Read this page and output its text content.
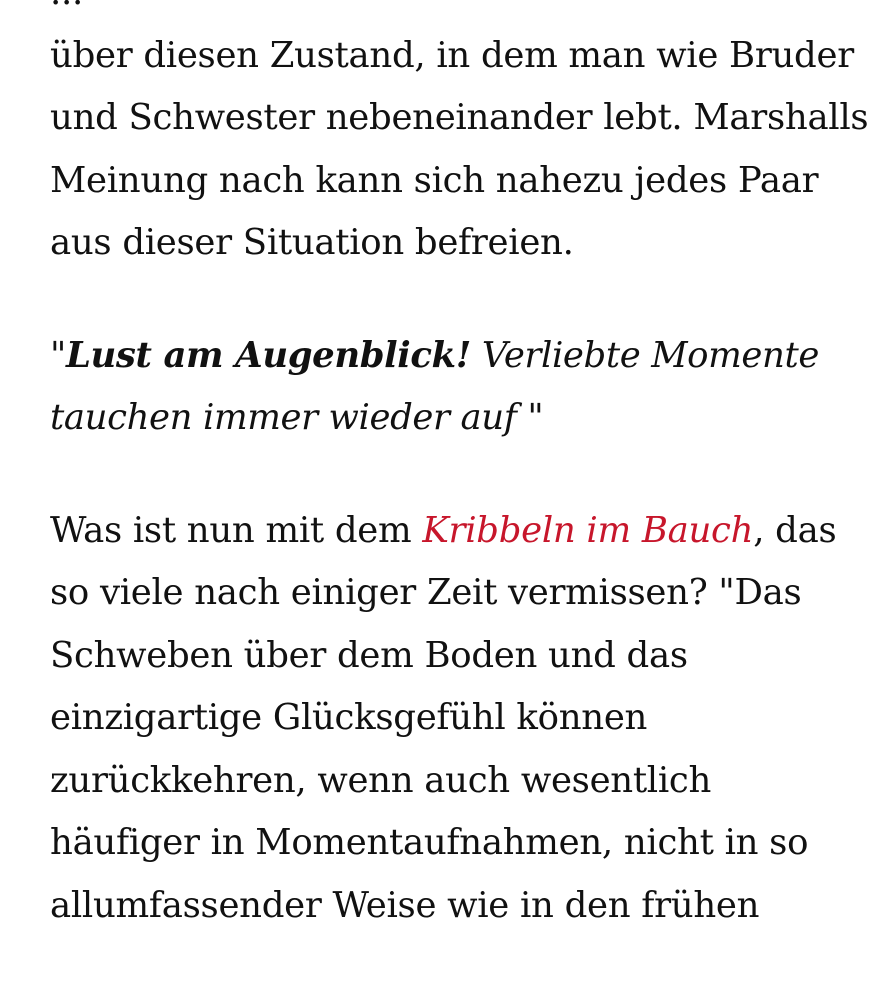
über diesen Zustand, in dem man wie Bruder
und Schwester nebeneinander lebt. Marshalls
Meinung nach kann sich nahezu jedes Paar
aus dieser Situation befreien.

"Lust am Augenblick! Verliebte Momente
tauchen immer wieder auf "

Was ist nun mit dem Kribbeln im Bauch, das
so viele nach einiger Zeit vermissen? "Das
Schweben über dem Boden und das
einzigartige Glücksgefühl können
zurückkehren, wenn auch wesentlich
häufiger in Momentaufnahmen, nicht in so
allumfassender Weise wie in den frühen
